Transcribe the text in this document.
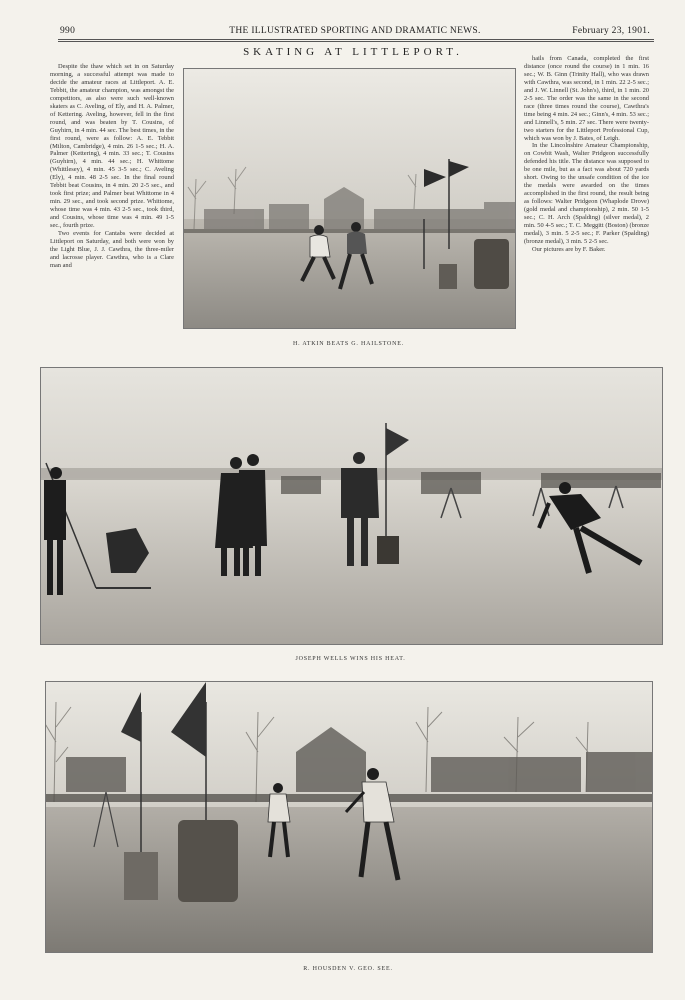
990	THE ILLUSTRATED SPORTING AND DRAMATIC NEWS.	February 23, 1901.
SKATING AT LITTLEPORT.

Despite the thaw which set in on Saturday morning, a successful attempt was made to decide the amateur races at Littleport. A. E. Tebbit, the amateur champion, was amongst the competitors, as also were such well-known skaters as C. Aveling, of Ely, and H. A. Palmer, of Kettering. Aveling, however, fell in the first round, and was beaten by T. Cousins, of Guyhirn, in 4 min. 44 sec. The best times, in the first round, were as follow: A. E. Tebbit (Milton, Cambridge), 4 min. 26 1-5 sec.; H. A. Palmer (Kettering), 4 min. 33 sec.; T. Cousins (Guyhirn), 4 min. 44 sec.; H. Whittome (Whittlesey), 4 min. 45 3-5 sec.; C. Aveling (Ely), 4 min. 48 2-5 sec. In the final round Tebbit beat Cousins, in 4 min. 20 2-5 sec., and took first prize; and Palmer beat Whittome in 4 min. 29 sec., and took second prize. Whittome, whose time was 4 min. 43 2-5 sec., took third, and Cousins, whose time was 4 min. 49 1-5 sec., fourth prize.

Two events for Cantabs were decided at Littleport on Saturday, and both were won by the Light Blue, J. J. Cawthra, the three-miler and lacrosse player. Cawthra, who is a Clare man and

hails from Canada, completed the first distance (once round the course) in 1 min. 16 sec.; W. B. Ginn (Trinity Hall), who was drawn with Cawthra, was second, in 1 min. 22 2-5 sec.; and J. W. Linnell (St. John's), third, in 1 min. 20 2-5 sec. The order was the same in the second race (three times round the course), Cawthra's time being 4 min. 24 sec.; Ginn's, 4 min. 53 sec.; and Linnell's, 5 min. 27 sec. There were twenty-two starters for the Littleport Professional Cup, which was won by J. Bates, of Leigh.

In the Lincolnshire Amateur Championship, on Cowbit Wash, Walter Pridgeon successfully defended his title. The distance was supposed to be one mile, but as a fact was about 720 yards short. Owing to the unsafe condition of the ice the medals were awarded on the times accomplished in the first round, the result being as follows: Walter Pridgeon (Whaplode Drove) (gold medal and championship), 2 min. 50 1-5 sec.; C. H. Arch (Spalding) (silver medal), 2 min. 50 4-5 sec.; T. C. Meggitt (Boston) (bronze medal), 3 min. 5 2-5 sec.; F. Parker (Spalding) (bronze medal), 3 min. 5 2-5 sec.

Our pictures are by F. Baker.

H. ATKIN BEATS G. HAILSTONE.
JOSEPH WELLS WINS HIS HEAT.
R. HOUSDEN V. GEO. SEE.
